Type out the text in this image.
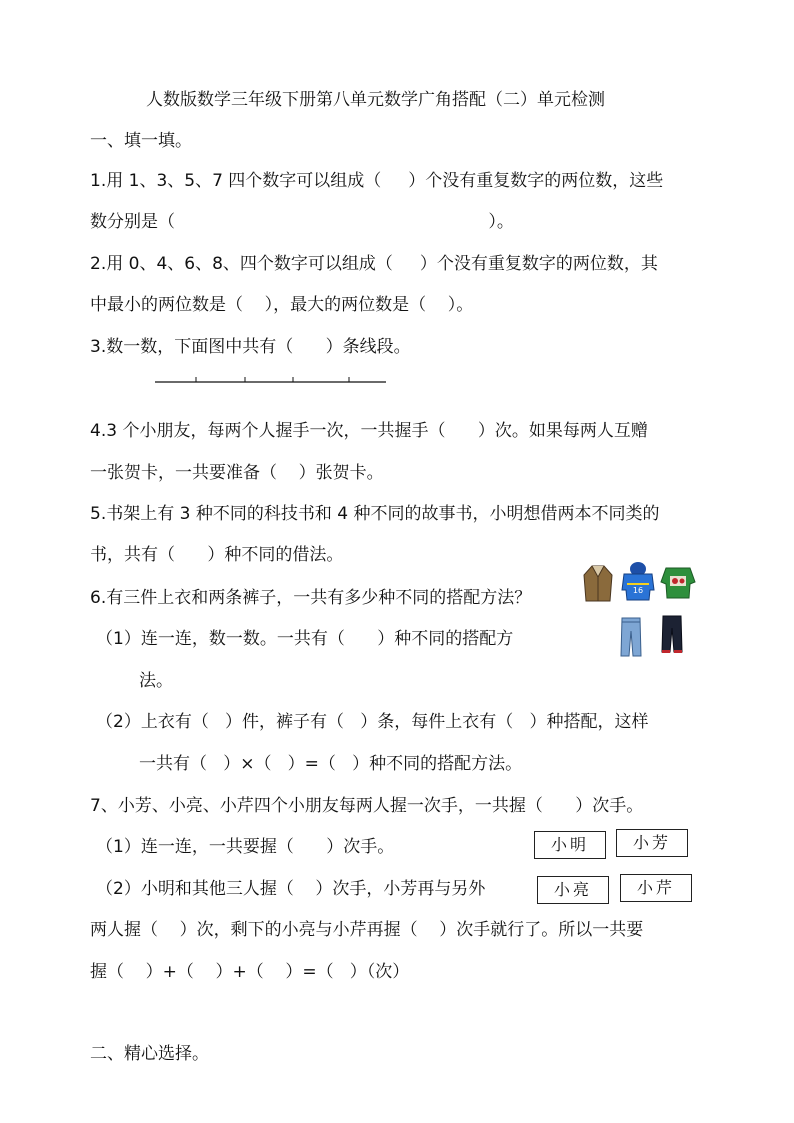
人数版数学三年级下册第八单元数学广角搭配（二）单元检测
一、填一填。
1.用 1、3、5、7 四个数字可以组成（     ）个没有重复数字的两位数，这些
数分别是（                                                          ）。
2.用 0、4、6、8、四个数字可以组成（     ）个没有重复数字的两位数，其
中最小的两位数是（    ），最大的两位数是（    ）。
3.数一数，下面图中共有（      ）条线段。
4.3 个小朋友，每两个人握手一次，一共握手（      ）次。如果每两人互赠
一张贺卡，一共要准备（    ）张贺卡。
5.书架上有 3 种不同的科技书和 4 种不同的故事书，小明想借两本不同类的
书，共有（      ）种不同的借法。
6.有三件上衣和两条裤子，一共有多少种不同的搭配方法？
（1）连一连，数一数。一共有（      ）种不同的搭配方
法。
（2）上衣有（   ）件，裤子有（   ）条，每件上衣有（   ）种搭配，这样
一共有（   ）×（   ）=（   ）种不同的搭配方法。
16
7、小芳、小亮、小芹四个小朋友每两人握一次手，一共握（      ）次手。
（1）连一连，一共要握（      ）次手。
（2）小明和其他三人握（    ）次手，小芳再与另外
两人握（    ）次，剩下的小亮与小芹再握（    ）次手就行了。所以一共要
握（    ）+（    ）+（    ）=（   ）（次）
小明	小芳
小亮	小芹
二、精心选择。
